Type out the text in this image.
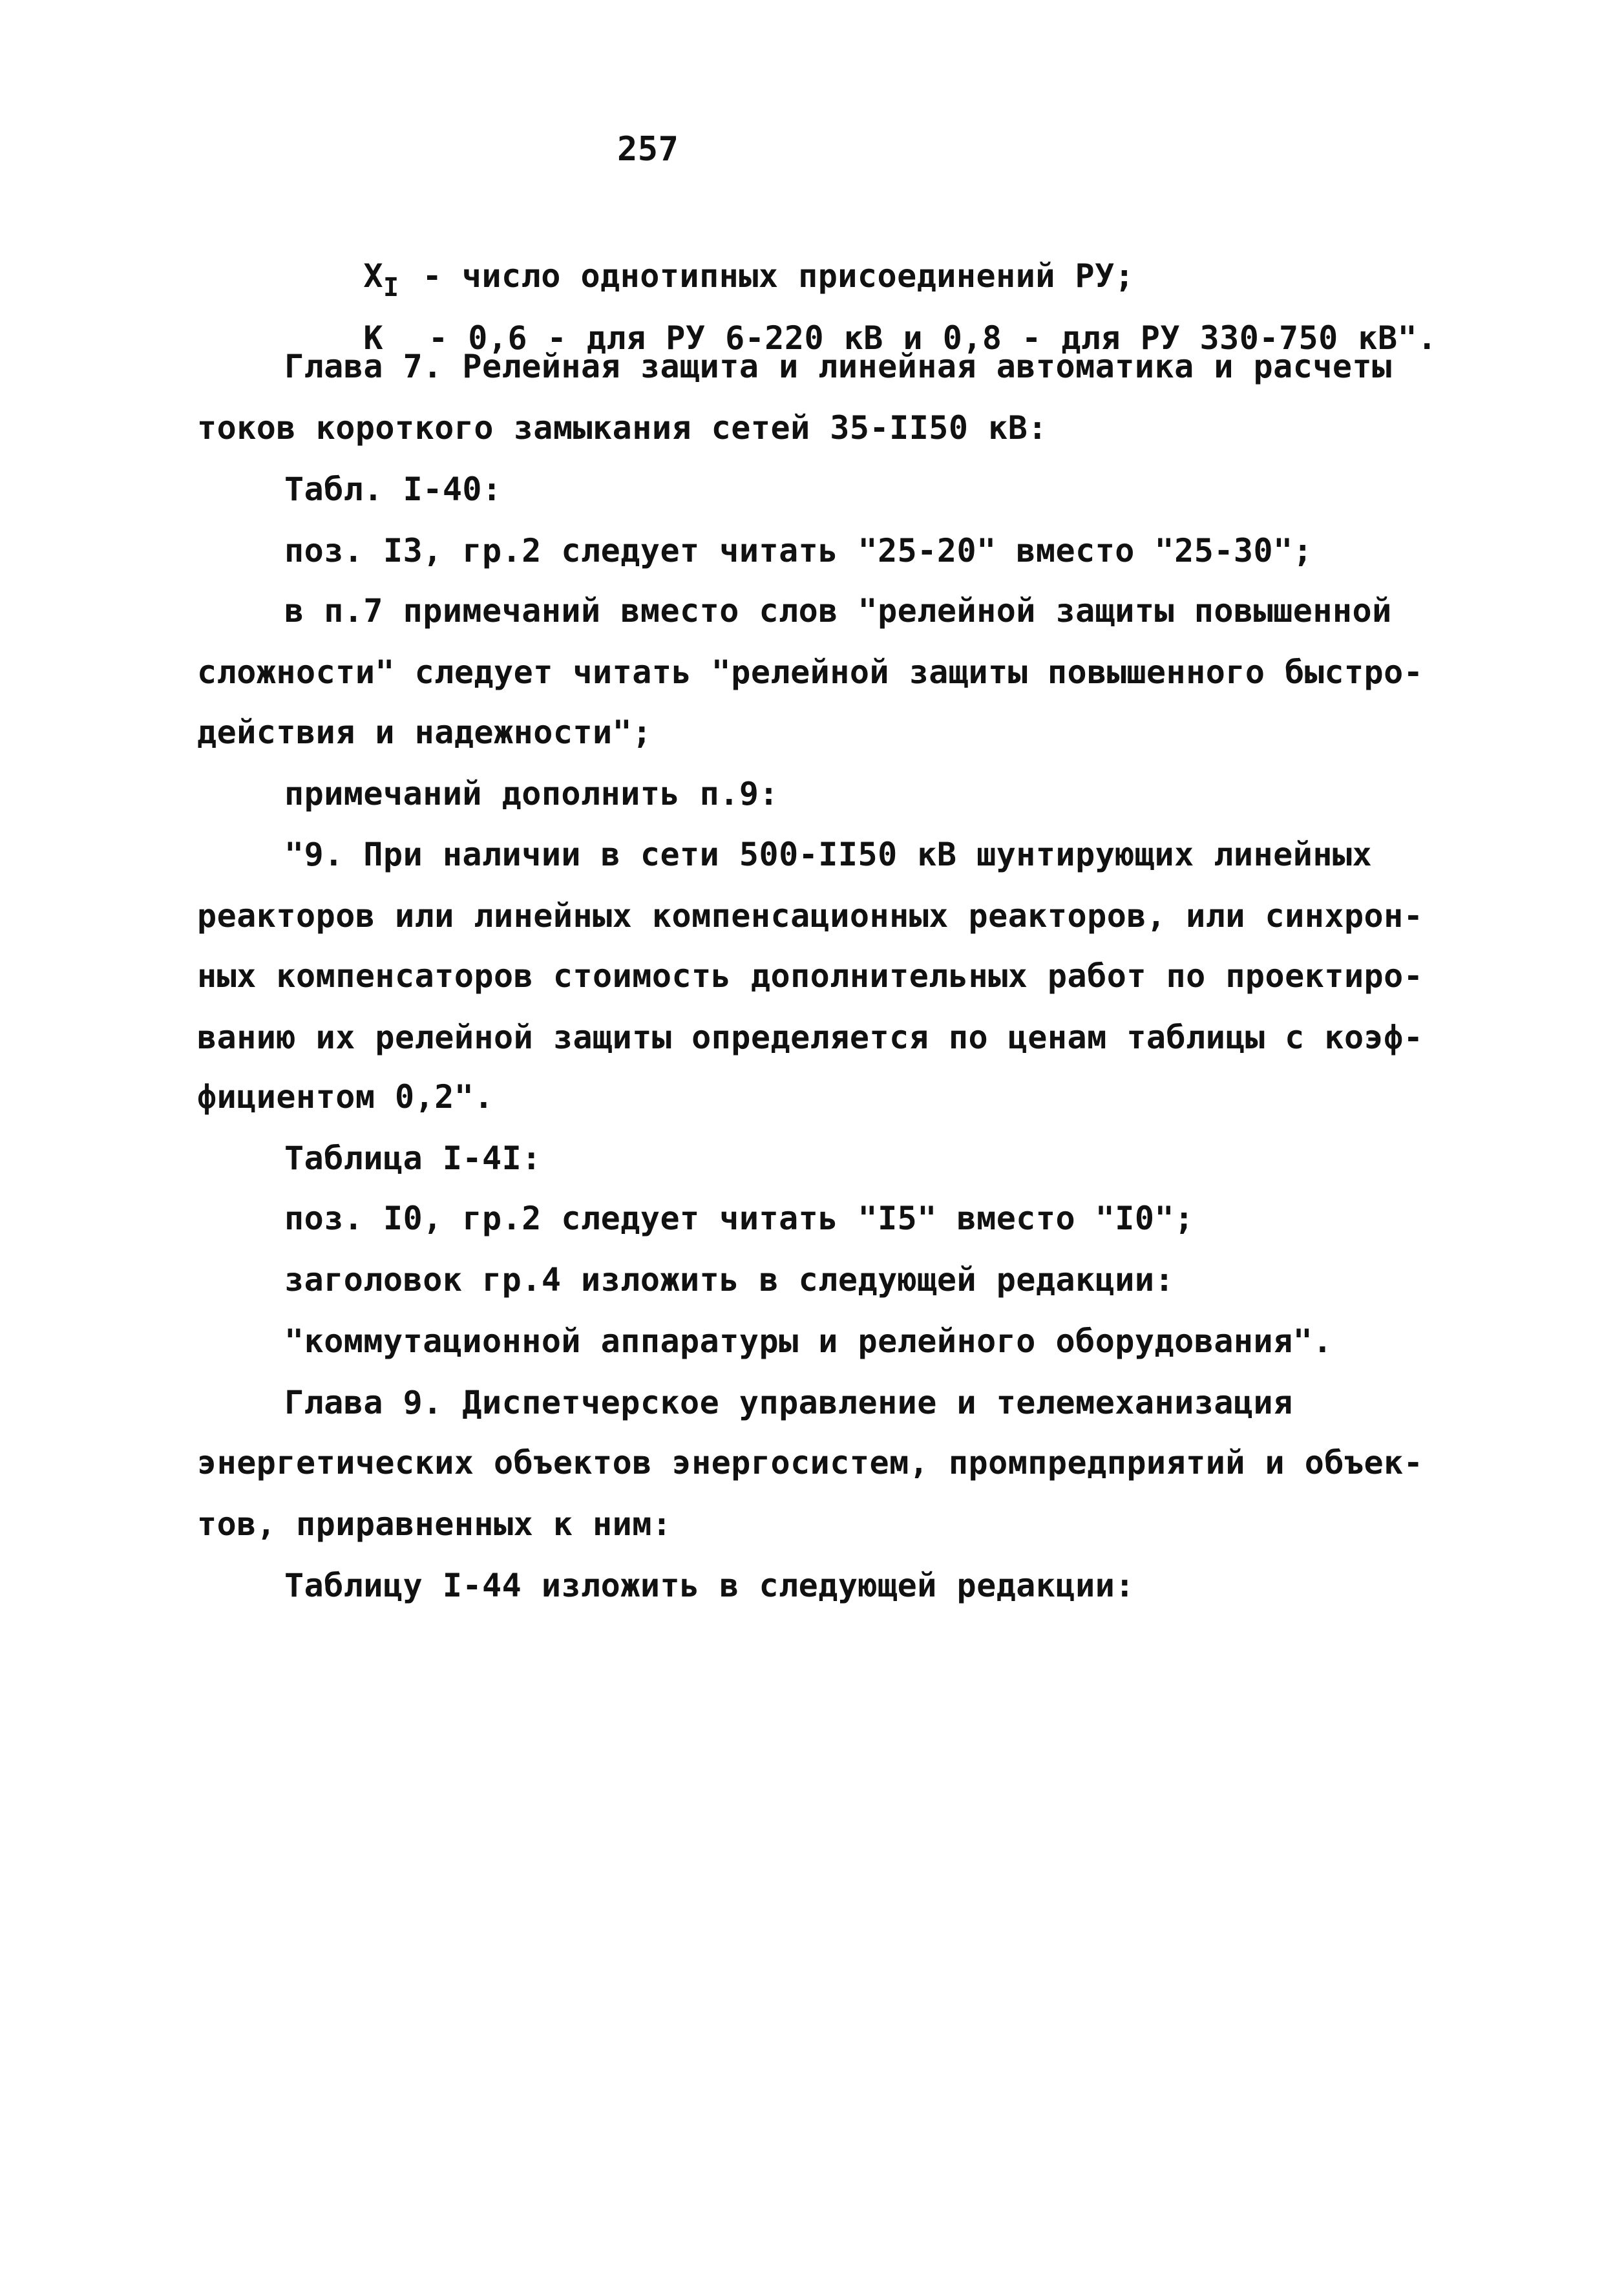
257

$X_I$ - число однотипных присоединений РУ;

К - 0,6 - для РУ 6-220 кВ и 0,8 - для РУ 330-750 кВ".

Глава 7. Релейная защита и линейная автоматика и расчеты
токов короткого замыкания сетей 35-II50 кВ:
Табл. I-40:
поз. I3, гр.2 следует читать "25-20" вместо "25-30";
в п.7 примечаний вместо слов "релейной защиты повышенной
сложности" следует читать "релейной защиты повышенного быстро-
действия и надежности";
примечаний дополнить п.9:
"9. При наличии в сети 500-II50 кВ шунтирующих линейных
реакторов или линейных компенсационных реакторов, или синхрон-
ных компенсаторов стоимость дополнительных работ по проектиро-
ванию их релейной защиты определяется по ценам таблицы с коэф-
фициентом 0,2".
Таблица I-4I:
поз. I0, гр.2 следует читать "I5" вместо "I0";
заголовок гр.4 изложить в следующей редакции:
"коммутационной аппаратуры и релейного оборудования".
Глава 9. Диспетчерское управление и телемеханизация
энергетических объектов энергосистем, промпредприятий и объек-
тов, приравненных к ним:
Таблицу I-44 изложить в следующей редакции:
